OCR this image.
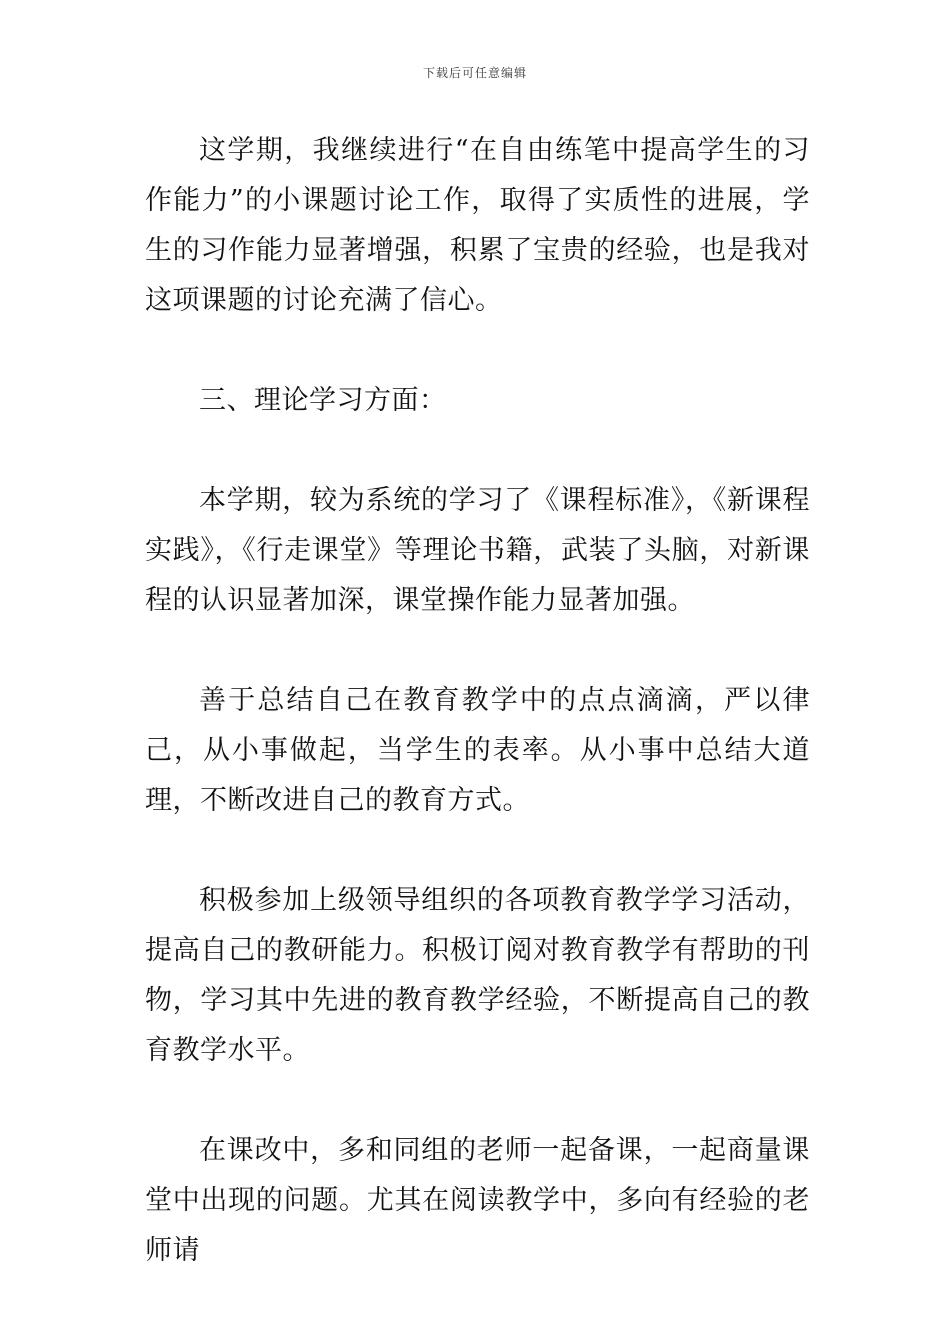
下载后可任意编辑

这学期，我继续进行“在自由练笔中提高学生的习作能力”的小课题讨论工作，取得了实质性的进展，学生的习作能力显著增强，积累了宝贵的经验，也是我对这项课题的讨论充满了信心。

三、理论学习方面：

本学期，较为系统的学习了《课程标准》，《新课程实践》，《行走课堂》等理论书籍，武装了头脑，对新课程的认识显著加深，课堂操作能力显著加强。

善于总结自己在教育教学中的点点滴滴，严以律己，从小事做起，当学生的表率。从小事中总结大道理，不断改进自己的教育方式。

积极参加上级领导组织的各项教育教学学习活动，提高自己的教研能力。积极订阅对教育教学有帮助的刊物，学习其中先进的教育教学经验，不断提高自己的教育教学水平。

在课改中，多和同组的老师一起备课，一起商量课堂中出现的问题。尤其在阅读教学中，多向有经验的老师请
